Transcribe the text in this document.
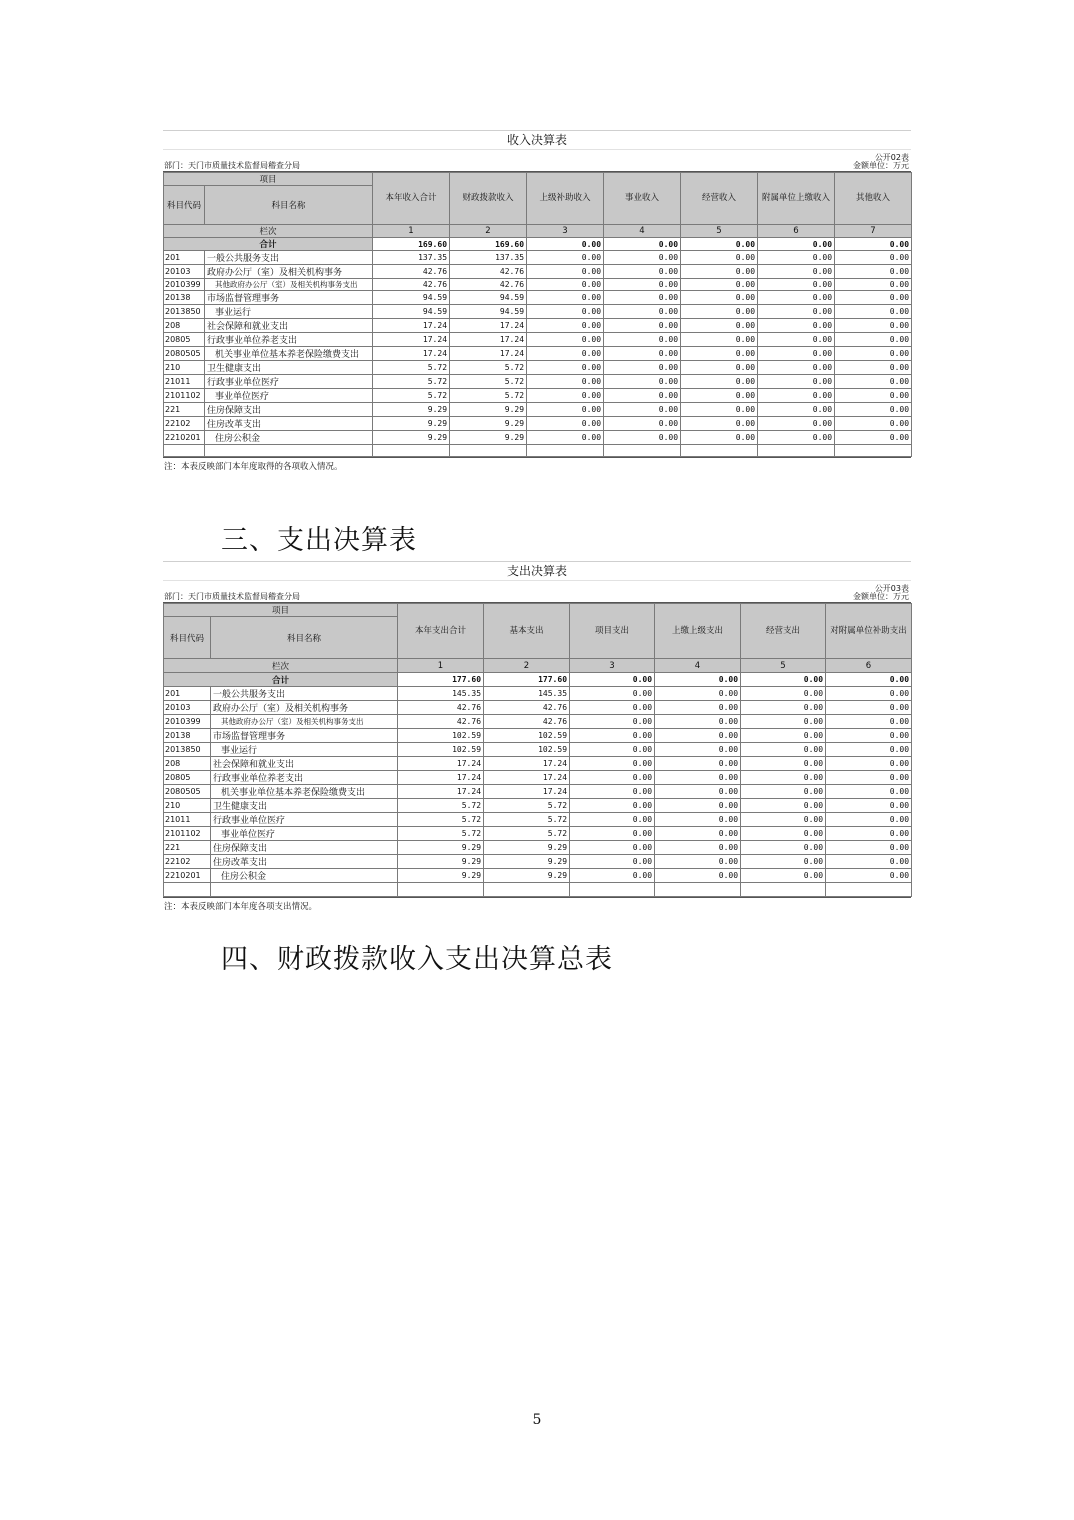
收入决算表
公开02表
金额单位：万元
部门：天门市质量技术监督局稽查分局
项目		本年收入合计	财政拨款收入	上级补助收入	事业收入	经营收入	附属单位上缴收入	其他收入
科目代码	科目名称							
栏次		1	2	3	4	5	6	7
合计		169.60	169.60	0.00	0.00	0.00	0.00	0.00
201	一般公共服务支出	137.35	137.35	0.00	0.00	0.00	0.00	0.00
20103	政府办公厅（室）及相关机构事务	42.76	42.76	0.00	0.00	0.00	0.00	0.00
2010399	其他政府办公厅（室）及相关机构事务支出	42.76	42.76	0.00	0.00	0.00	0.00	0.00
20138	市场监督管理事务	94.59	94.59	0.00	0.00	0.00	0.00	0.00
2013850	事业运行	94.59	94.59	0.00	0.00	0.00	0.00	0.00
208	社会保障和就业支出	17.24	17.24	0.00	0.00	0.00	0.00	0.00
20805	行政事业单位养老支出	17.24	17.24	0.00	0.00	0.00	0.00	0.00
2080505	机关事业单位基本养老保险缴费支出	17.24	17.24	0.00	0.00	0.00	0.00	0.00
210	卫生健康支出	5.72	5.72	0.00	0.00	0.00	0.00	0.00
21011	行政事业单位医疗	5.72	5.72	0.00	0.00	0.00	0.00	0.00
2101102	事业单位医疗	5.72	5.72	0.00	0.00	0.00	0.00	0.00
221	住房保障支出	9.29	9.29	0.00	0.00	0.00	0.00	0.00
22102	住房改革支出	9.29	9.29	0.00	0.00	0.00	0.00	0.00
2210201	住房公积金	9.29	9.29	0.00	0.00	0.00	0.00	0.00

注：本表反映部门本年度取得的各项收入情况。
三、支出决算表
支出决算表
公开03表
金额单位：万元
部门：天门市质量技术监督局稽查分局
项目		本年支出合计	基本支出	项目支出	上缴上级支出	经营支出	对附属单位补助支出
科目代码	科目名称						
栏次		1	2	3	4	5	6
合计		177.60	177.60	0.00	0.00	0.00	0.00
201	一般公共服务支出	145.35	145.35	0.00	0.00	0.00	0.00
20103	政府办公厅（室）及相关机构事务	42.76	42.76	0.00	0.00	0.00	0.00
2010399	其他政府办公厅（室）及相关机构事务支出	42.76	42.76	0.00	0.00	0.00	0.00
20138	市场监督管理事务	102.59	102.59	0.00	0.00	0.00	0.00
2013850	事业运行	102.59	102.59	0.00	0.00	0.00	0.00
208	社会保障和就业支出	17.24	17.24	0.00	0.00	0.00	0.00
20805	行政事业单位养老支出	17.24	17.24	0.00	0.00	0.00	0.00
2080505	机关事业单位基本养老保险缴费支出	17.24	17.24	0.00	0.00	0.00	0.00
210	卫生健康支出	5.72	5.72	0.00	0.00	0.00	0.00
21011	行政事业单位医疗	5.72	5.72	0.00	0.00	0.00	0.00
2101102	事业单位医疗	5.72	5.72	0.00	0.00	0.00	0.00
221	住房保障支出	9.29	9.29	0.00	0.00	0.00	0.00
22102	住房改革支出	9.29	9.29	0.00	0.00	0.00	0.00
2210201	住房公积金	9.29	9.29	0.00	0.00	0.00	0.00

注：本表反映部门本年度各项支出情况。
四、财政拨款收入支出决算总表
5
